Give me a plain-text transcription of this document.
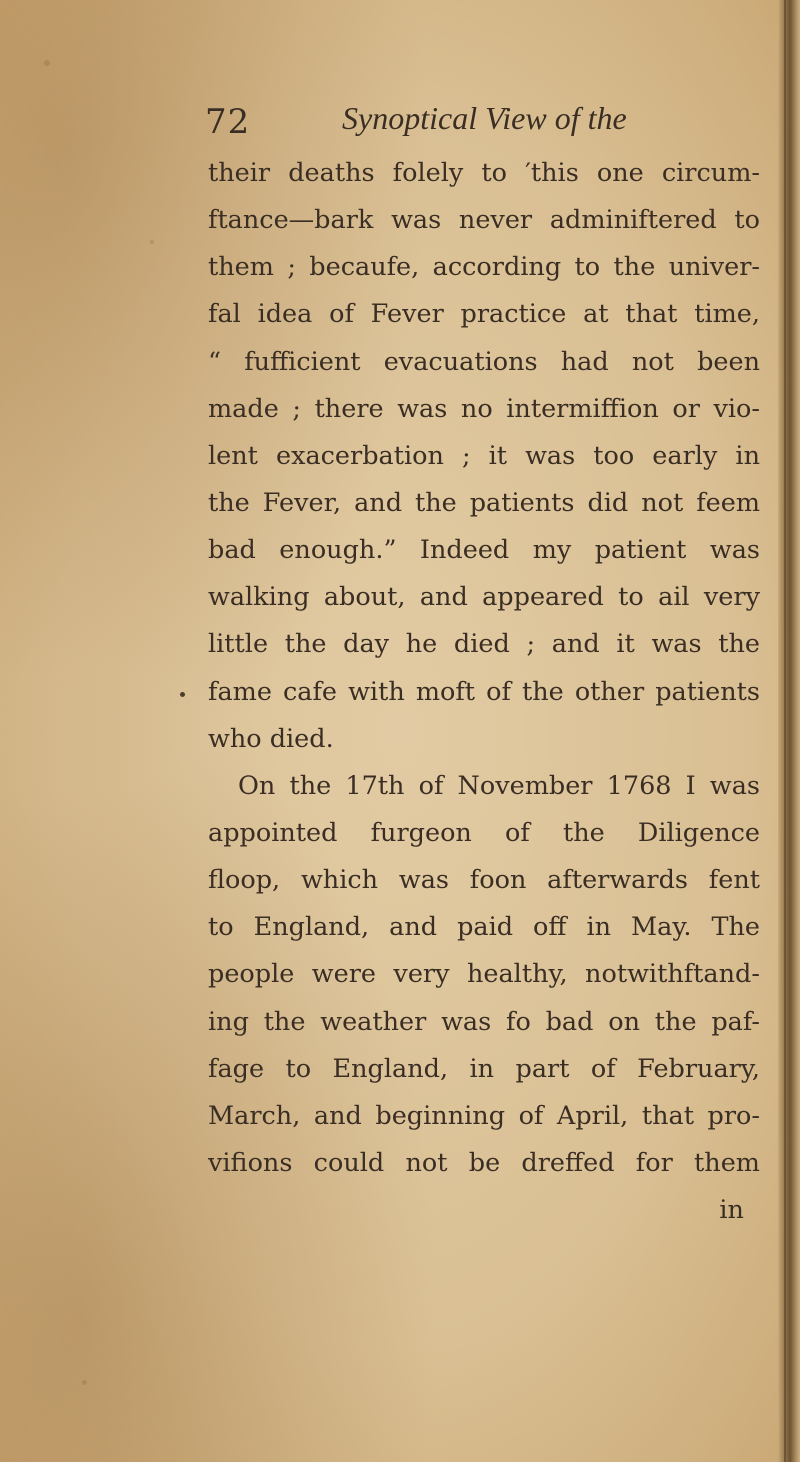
72	Synoptical View of the
their deaths folely to ′this one circum-
ftance—bark was never adminiftered to
them ; becaufe, according to the univer-
fal idea of Fever practice at that time,
“ fufficient evacuations had not been
made ; there was no intermiffion or vio-
lent exacerbation ; it was too early in
the Fever, and the patients did not feem
bad enough.” Indeed my patient was
walking about, and appeared to ail very
little the day he died ; and it was the
fame cafe with moft of the other patients
who died.
On the 17th of November 1768 I was
appointed furgeon of the Diligence
floop, which was foon afterwards fent
to England, and paid off in May. The
people were very healthy, notwithftand-
ing the weather was fo bad on the paf-
fage to England, in part of February,
March, and beginning of April, that pro-
vifions could not be dreffed for them
in
